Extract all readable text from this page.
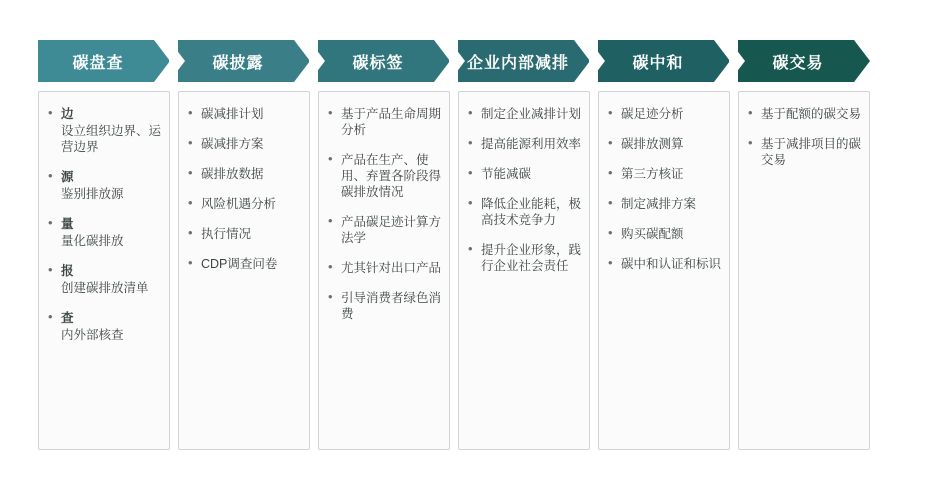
碳盘查
• 边
设立组织边界、运营边界
• 源
鉴别排放源
• 量
量化碳排放
• 报
创建碳排放清单
• 查
内外部核查
碳披露
• 碳减排计划
• 碳减排方案
• 碳排放数据
• 风险机遇分析
• 执行情况
• CDP调查问卷
碳标签
• 基于产品生命周期分析
• 产品在生产、使用、弃置各阶段得碳排放情况
• 产品碳足迹计算方法学
• 尤其针对出口产品
• 引导消费者绿色消费
企业内部减排
• 制定企业减排计划
• 提高能源利用效率
• 节能减碳
• 降低企业能耗，极高技术竞争力
• 提升企业形象，践行企业社会责任
碳中和
• 碳足迹分析
• 碳排放测算
• 第三方核证
• 制定减排方案
• 购买碳配额
• 碳中和认证和标识
碳交易
• 基于配额的碳交易
• 基于减排项目的碳交易
